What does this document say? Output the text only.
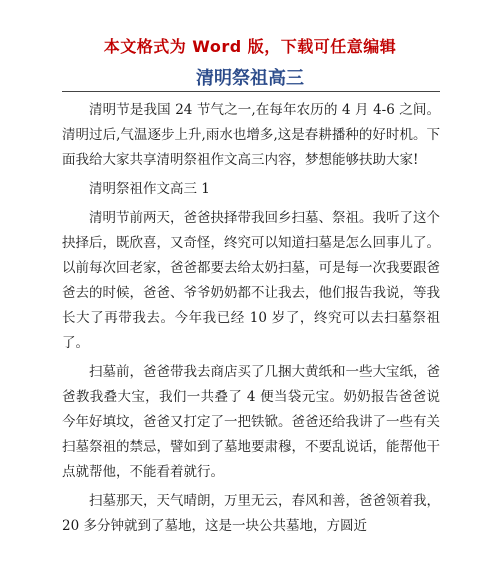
本文格式为 Word 版，下载可任意编辑
清明祭祖高三

清明节是我国 24 节气之一,在每年农历的 4 月 4-6 之间。清明过后,气温逐步上升,雨水也增多,这是春耕播种的好时机。下面我给大家共享清明祭祖作文高三内容，梦想能够扶助大家!

清明祭祖作文高三 1

清明节前两天，爸爸抉择带我回乡扫墓、祭祖。我听了这个抉择后，既欣喜，又奇怪，终究可以知道扫墓是怎么回事儿了。以前每次回老家，爸爸都要去给太奶扫墓，可是每一次我要跟爸爸去的时候，爸爸、爷爷奶奶都不让我去，他们报告我说，等我长大了再带我去。今年我已经 10 岁了，终究可以去扫墓祭祖了。

扫墓前，爸爸带我去商店买了几捆大黄纸和一些大宝纸，爸爸教我叠大宝，我们一共叠了 4 便当袋元宝。奶奶报告爸爸说今年好填坟，爸爸又打定了一把铁锨。爸爸还给我讲了一些有关扫墓祭祖的禁忌，譬如到了墓地要肃穆，不要乱说话，能帮他干点就帮他，不能看着就行。

扫墓那天，天气晴朗，万里无云，春风和善，爸爸领着我，20 多分钟就到了墓地，这是一块公共墓地，方圆近
